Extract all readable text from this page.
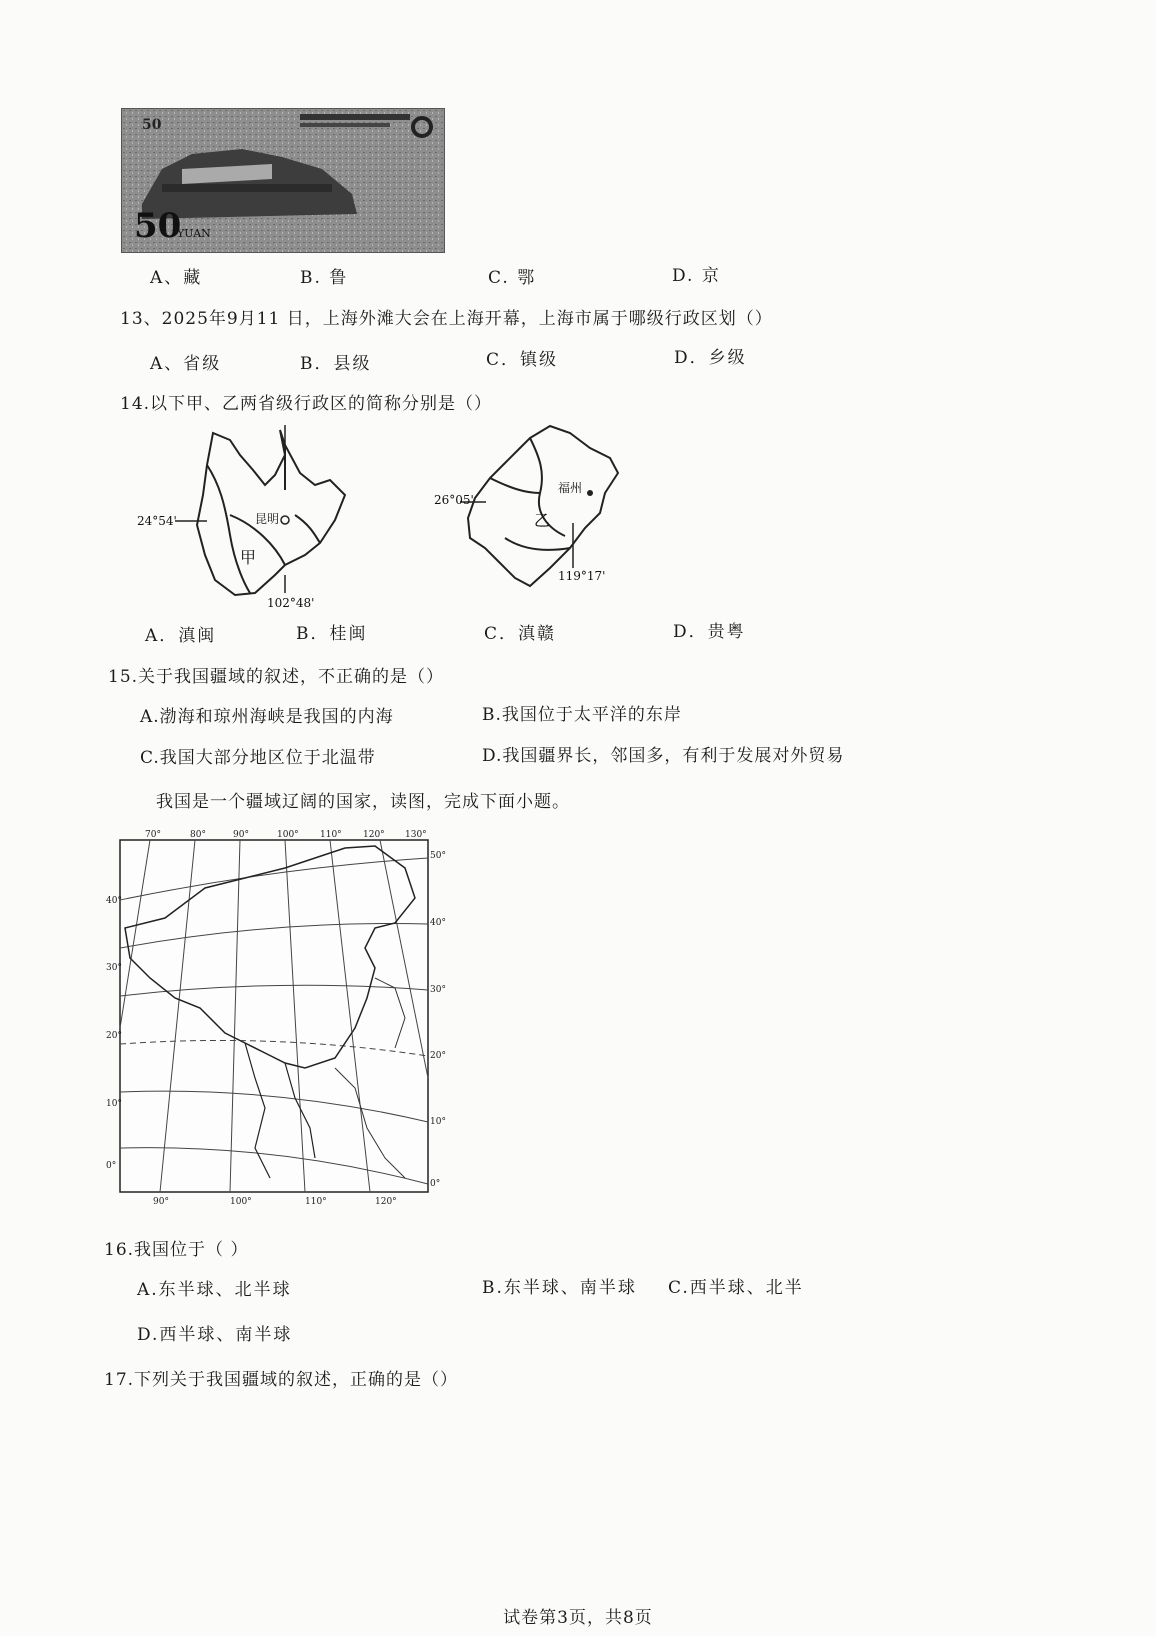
50
50
YUAN
A、藏	B. 鲁	C. 鄂	D. 京
13、2025年9月11 日，上海外滩大会在上海开幕，上海市属于哪级行政区划（）
A、省级	B．县级	C．镇级	D．乡级
14.以下甲、乙两省级行政区的简称分别是（）
昆明
甲
24°54'
102°48'
26°05'
福州
乙
119°17'
A．滇闽	B．桂闽	C．滇赣	D．贵粤
15.关于我国疆域的叙述，不正确的是（）
A.渤海和琼州海峡是我国的内海	B.我国位于太平洋的东岸
C.我国大部分地区位于北温带	D.我国疆界长，邻国多，有利于发展对外贸易
我国是一个疆域辽阔的国家，读图，完成下面小题。
70°	80°	90°	100° 110° 120° 130°
90°	100°	110°	120°
40°
30°
20°
10°
0°
50°
40°
30°
20°
10°
0°
16.我国位于（ ）
A.东半球、北半球	B.东半球、南半球 C.西半球、北半
D.西半球、南半球
17.下列关于我国疆域的叙述，正确的是（）
试卷第3页，共8页
